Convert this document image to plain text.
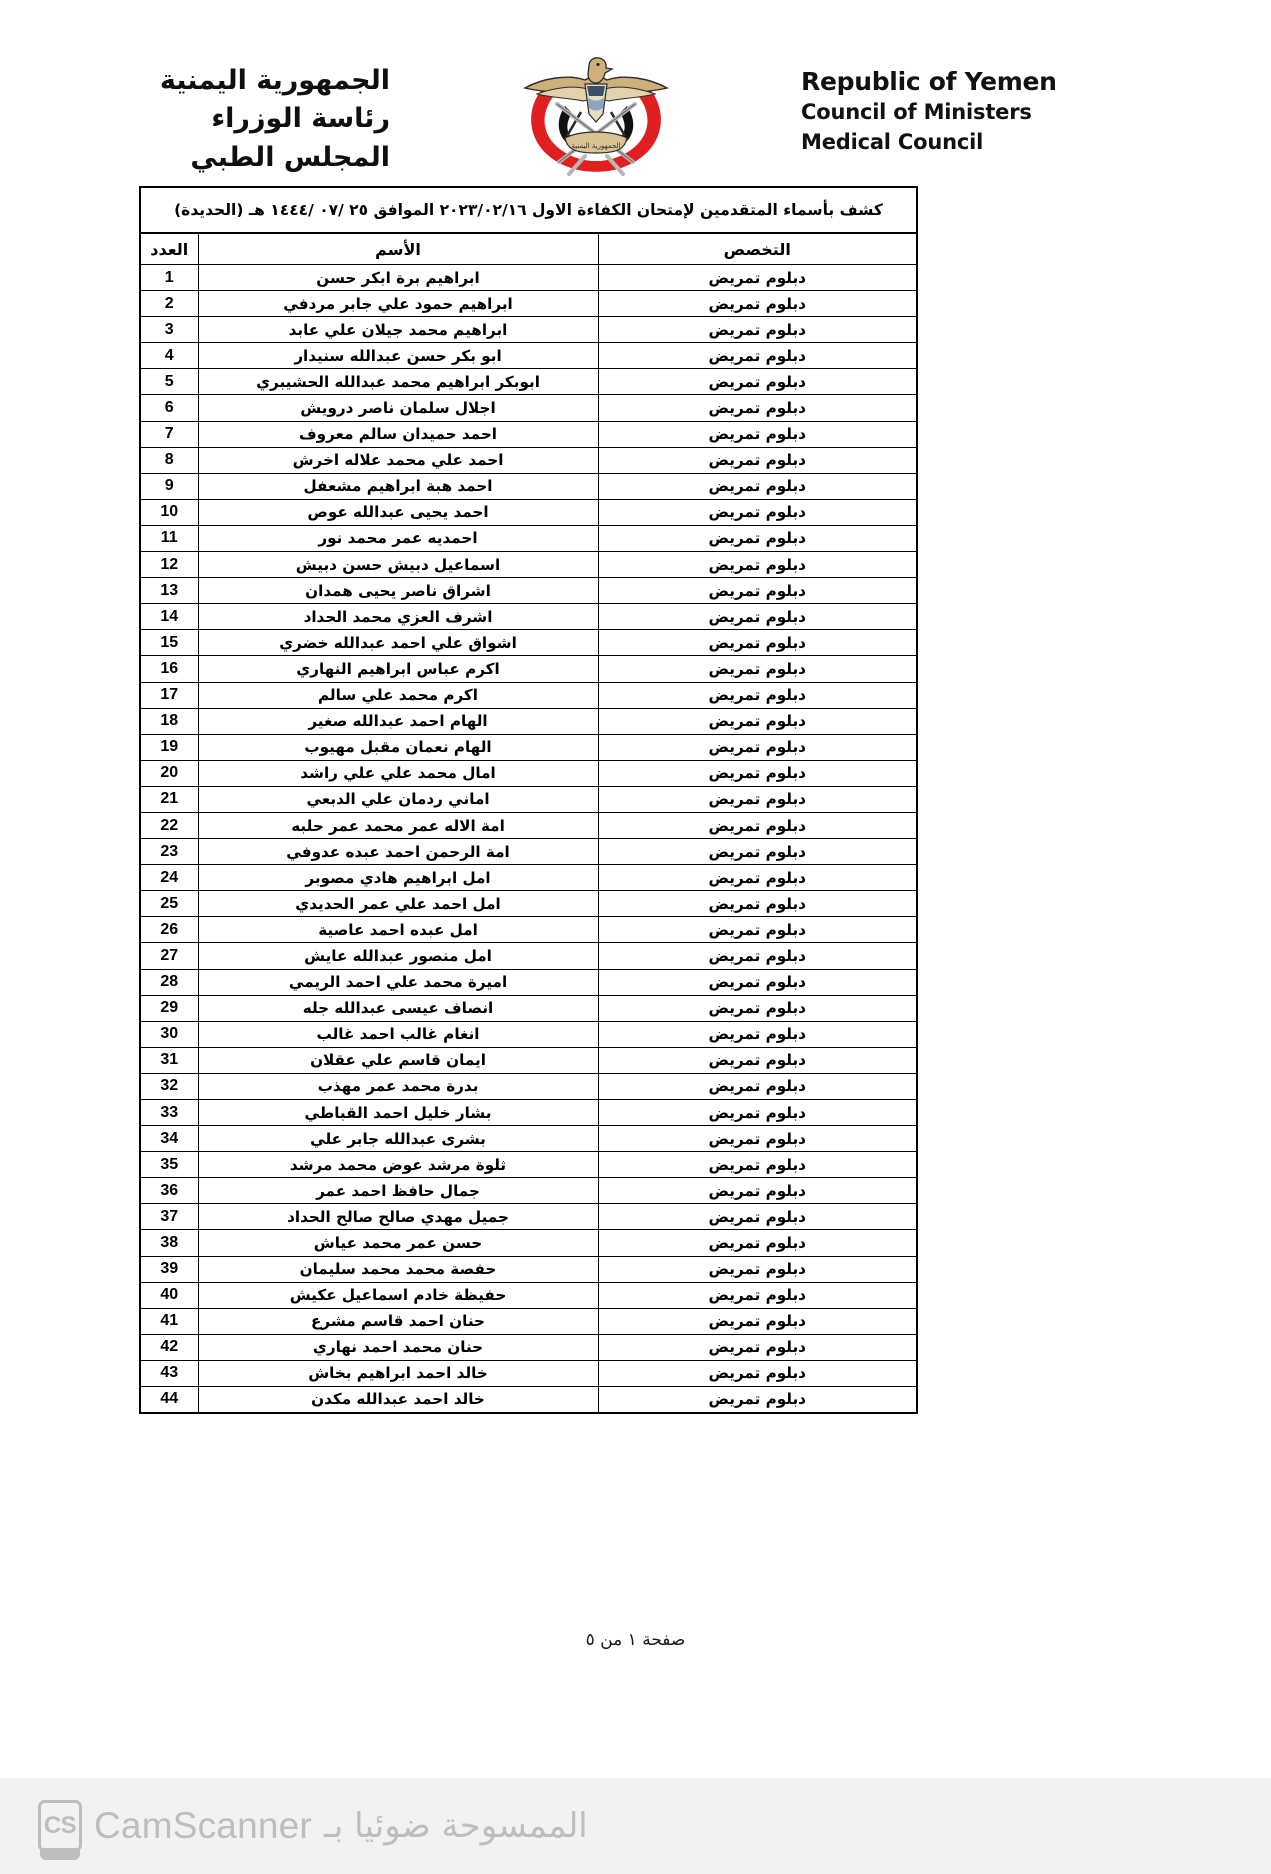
Republic of Yemen
Council of Ministers
Medical Council
الجمهورية اليمنية
الجمهورية اليمنية
رئاسة الوزراء
المجلس الطبي
كشف بأسماء المتقدمين لإمتحان الكفاءة الاول ٢٠٢٣/٠٢/١٦ الموافق ٢٥ /٠٧ /١٤٤٤ هـ (الحديدة)		
التخصص	الأسم	العدد
دبلوم تمريض	ابراهيم برة ابكر حسن	1
دبلوم تمريض	ابراهيم حمود علي جابر مردفي	2
دبلوم تمريض	ابراهيم محمد جيلان علي عابد	3
دبلوم تمريض	ابو بكر حسن عبدالله سنيدار	4
دبلوم تمريض	ابوبكر ابراهيم محمد عبدالله الحشيبري	5
دبلوم تمريض	اجلال سلمان ناصر درويش	6
دبلوم تمريض	احمد حميدان سالم معروف	7
دبلوم تمريض	احمد علي محمد علاله اخرش	8
دبلوم تمريض	احمد هبة ابراهيم مشعفل	9
دبلوم تمريض	احمد يحيى عبدالله عوص	10
دبلوم تمريض	احمديه عمر محمد نور	11
دبلوم تمريض	اسماعيل دبيش حسن دبيش	12
دبلوم تمريض	اشراق ناصر يحيى همدان	13
دبلوم تمريض	اشرف العزي محمد الحداد	14
دبلوم تمريض	اشواق علي احمد عبدالله خضري	15
دبلوم تمريض	اكرم عباس ابراهيم النهاري	16
دبلوم تمريض	اكرم محمد علي سالم	17
دبلوم تمريض	الهام احمد عبدالله صغير	18
دبلوم تمريض	الهام نعمان مقبل مهيوب	19
دبلوم تمريض	امال محمد علي علي راشد	20
دبلوم تمريض	اماني ردمان علي الدبعي	21
دبلوم تمريض	امة الاله عمر محمد عمر حلبه	22
دبلوم تمريض	امة الرحمن احمد عبده عدوفي	23
دبلوم تمريض	امل ابراهيم هادي مصوبر	24
دبلوم تمريض	امل احمد علي عمر الحديدي	25
دبلوم تمريض	امل عبده احمد عاصية	26
دبلوم تمريض	امل منصور عبدالله عايش	27
دبلوم تمريض	اميرة محمد علي احمد الريمي	28
دبلوم تمريض	انصاف عيسى عبدالله جله	29
دبلوم تمريض	انغام غالب احمد غالب	30
دبلوم تمريض	ايمان قاسم علي عقلان	31
دبلوم تمريض	بدرة محمد عمر مهذب	32
دبلوم تمريض	بشار خليل احمد القباطي	33
دبلوم تمريض	بشرى عبدالله جابر علي	34
دبلوم تمريض	ثلوة مرشد عوض محمد مرشد	35
دبلوم تمريض	جمال حافظ احمد عمر	36
دبلوم تمريض	جميل مهدي صالح صالح الحداد	37
دبلوم تمريض	حسن عمر محمد عياش	38
دبلوم تمريض	حفصة محمد محمد سليمان	39
دبلوم تمريض	حفيظة خادم اسماعيل عكيش	40
دبلوم تمريض	حنان احمد قاسم مشرع	41
دبلوم تمريض	حنان محمد احمد نهاري	42
دبلوم تمريض	خالد احمد ابراهيم بخاش	43
دبلوم تمريض	خالد احمد عبدالله مكدن	44
صفحة ١ من ٥
CS CamScanner الممسوحة ضوئيا بـ
